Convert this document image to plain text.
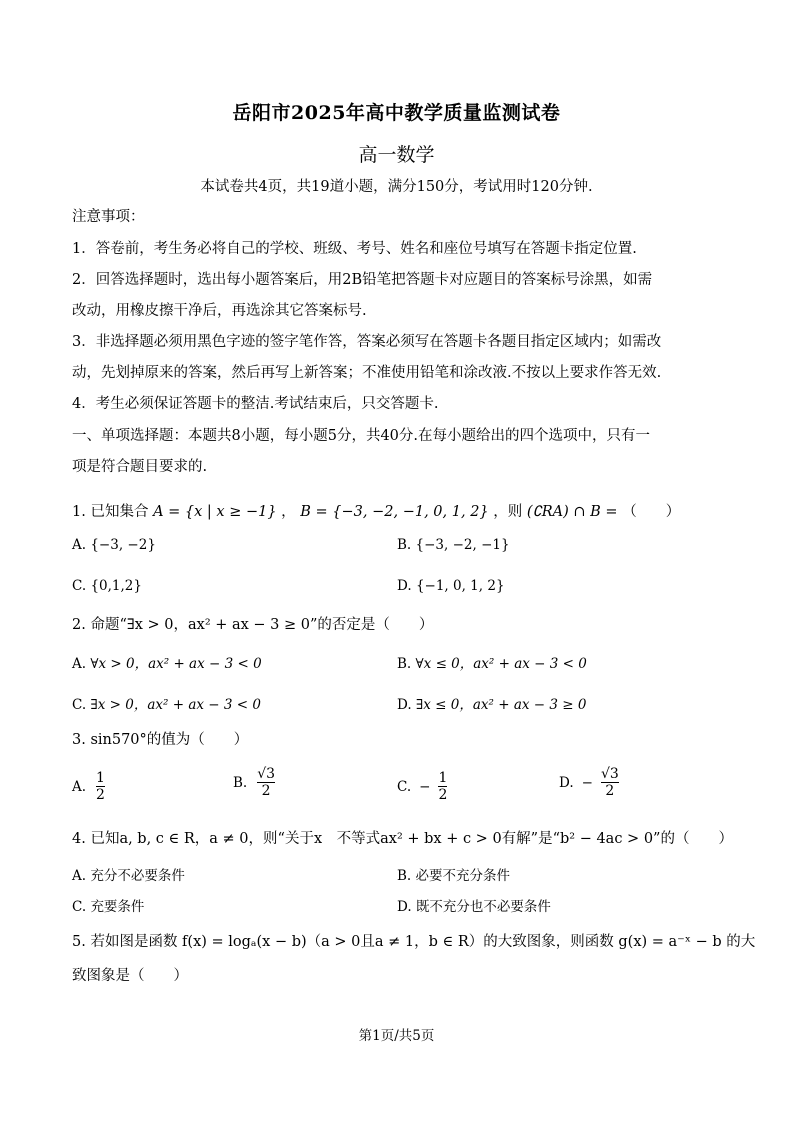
岳阳市2025年高中教学质量监测试卷
高一数学
本试卷共4页，共19道小题，满分150分，考试用时120分钟.
注意事项：
1．答卷前，考生务必将自己的学校、班级、考号、姓名和座位号填写在答题卡指定位置.
2．回答选择题时，选出每小题答案后，用2B铅笔把答题卡对应题目的答案标号涂黑，如需
改动，用橡皮擦干净后，再选涂其它答案标号.
3．非选择题必须用黑色字迹的签字笔作答，答案必须写在答题卡各题目指定区域内；如需改
动，先划掉原来的答案，然后再写上新答案；不准使用铅笔和涂改液.不按以上要求作答无效.
4．考生必须保证答题卡的整洁.考试结束后，只交答题卡.
一、单项选择题：本题共8小题，每小题5分，共40分.在每小题给出的四个选项中，只有一
项是符合题目要求的.
1. 已知集合 A = {x | x ≥ −1} ， B = {−3, −2, −1, 0, 1, 2} ，则 (∁RA) ∩ B = （　　）
A. {−3, −2}	B. {−3, −2, −1}
C. {0,1,2}	D. {−1, 0, 1, 2}
2. 命题“∃x > 0，ax² + ax − 3 ≥ 0”的否定是（　　）
A. ∀x > 0，ax² + ax − 3 < 0	B. ∀x ≤ 0，ax² + ax − 3 < 0
C. ∃x > 0，ax² + ax − 3 < 0	D. ∃x ≤ 0，ax² + ax − 3 ≥ 0
3. sin570°的值为（　　）
A. $\frac{1}{2}$	B. $\frac{√3}{2}$	C. − $\frac{1}{2}$	D. − $\frac{√3}{2}$
4. 已知a, b, c ∈ R，a ≠ 0，则“关于x　不等式ax² + bx + c > 0有解”是“b² − 4ac > 0”的（　　）
A. 充分不必要条件	B. 必要不充分条件
C. 充要条件	D. 既不充分也不必要条件
5. 若如图是函数 f(x) = logₐ(x − b)（a > 0且a ≠ 1，b ∈ R）的大致图象，则函数 g(x) = a⁻ˣ − b 的大
致图象是（　　）
第1页/共5页
